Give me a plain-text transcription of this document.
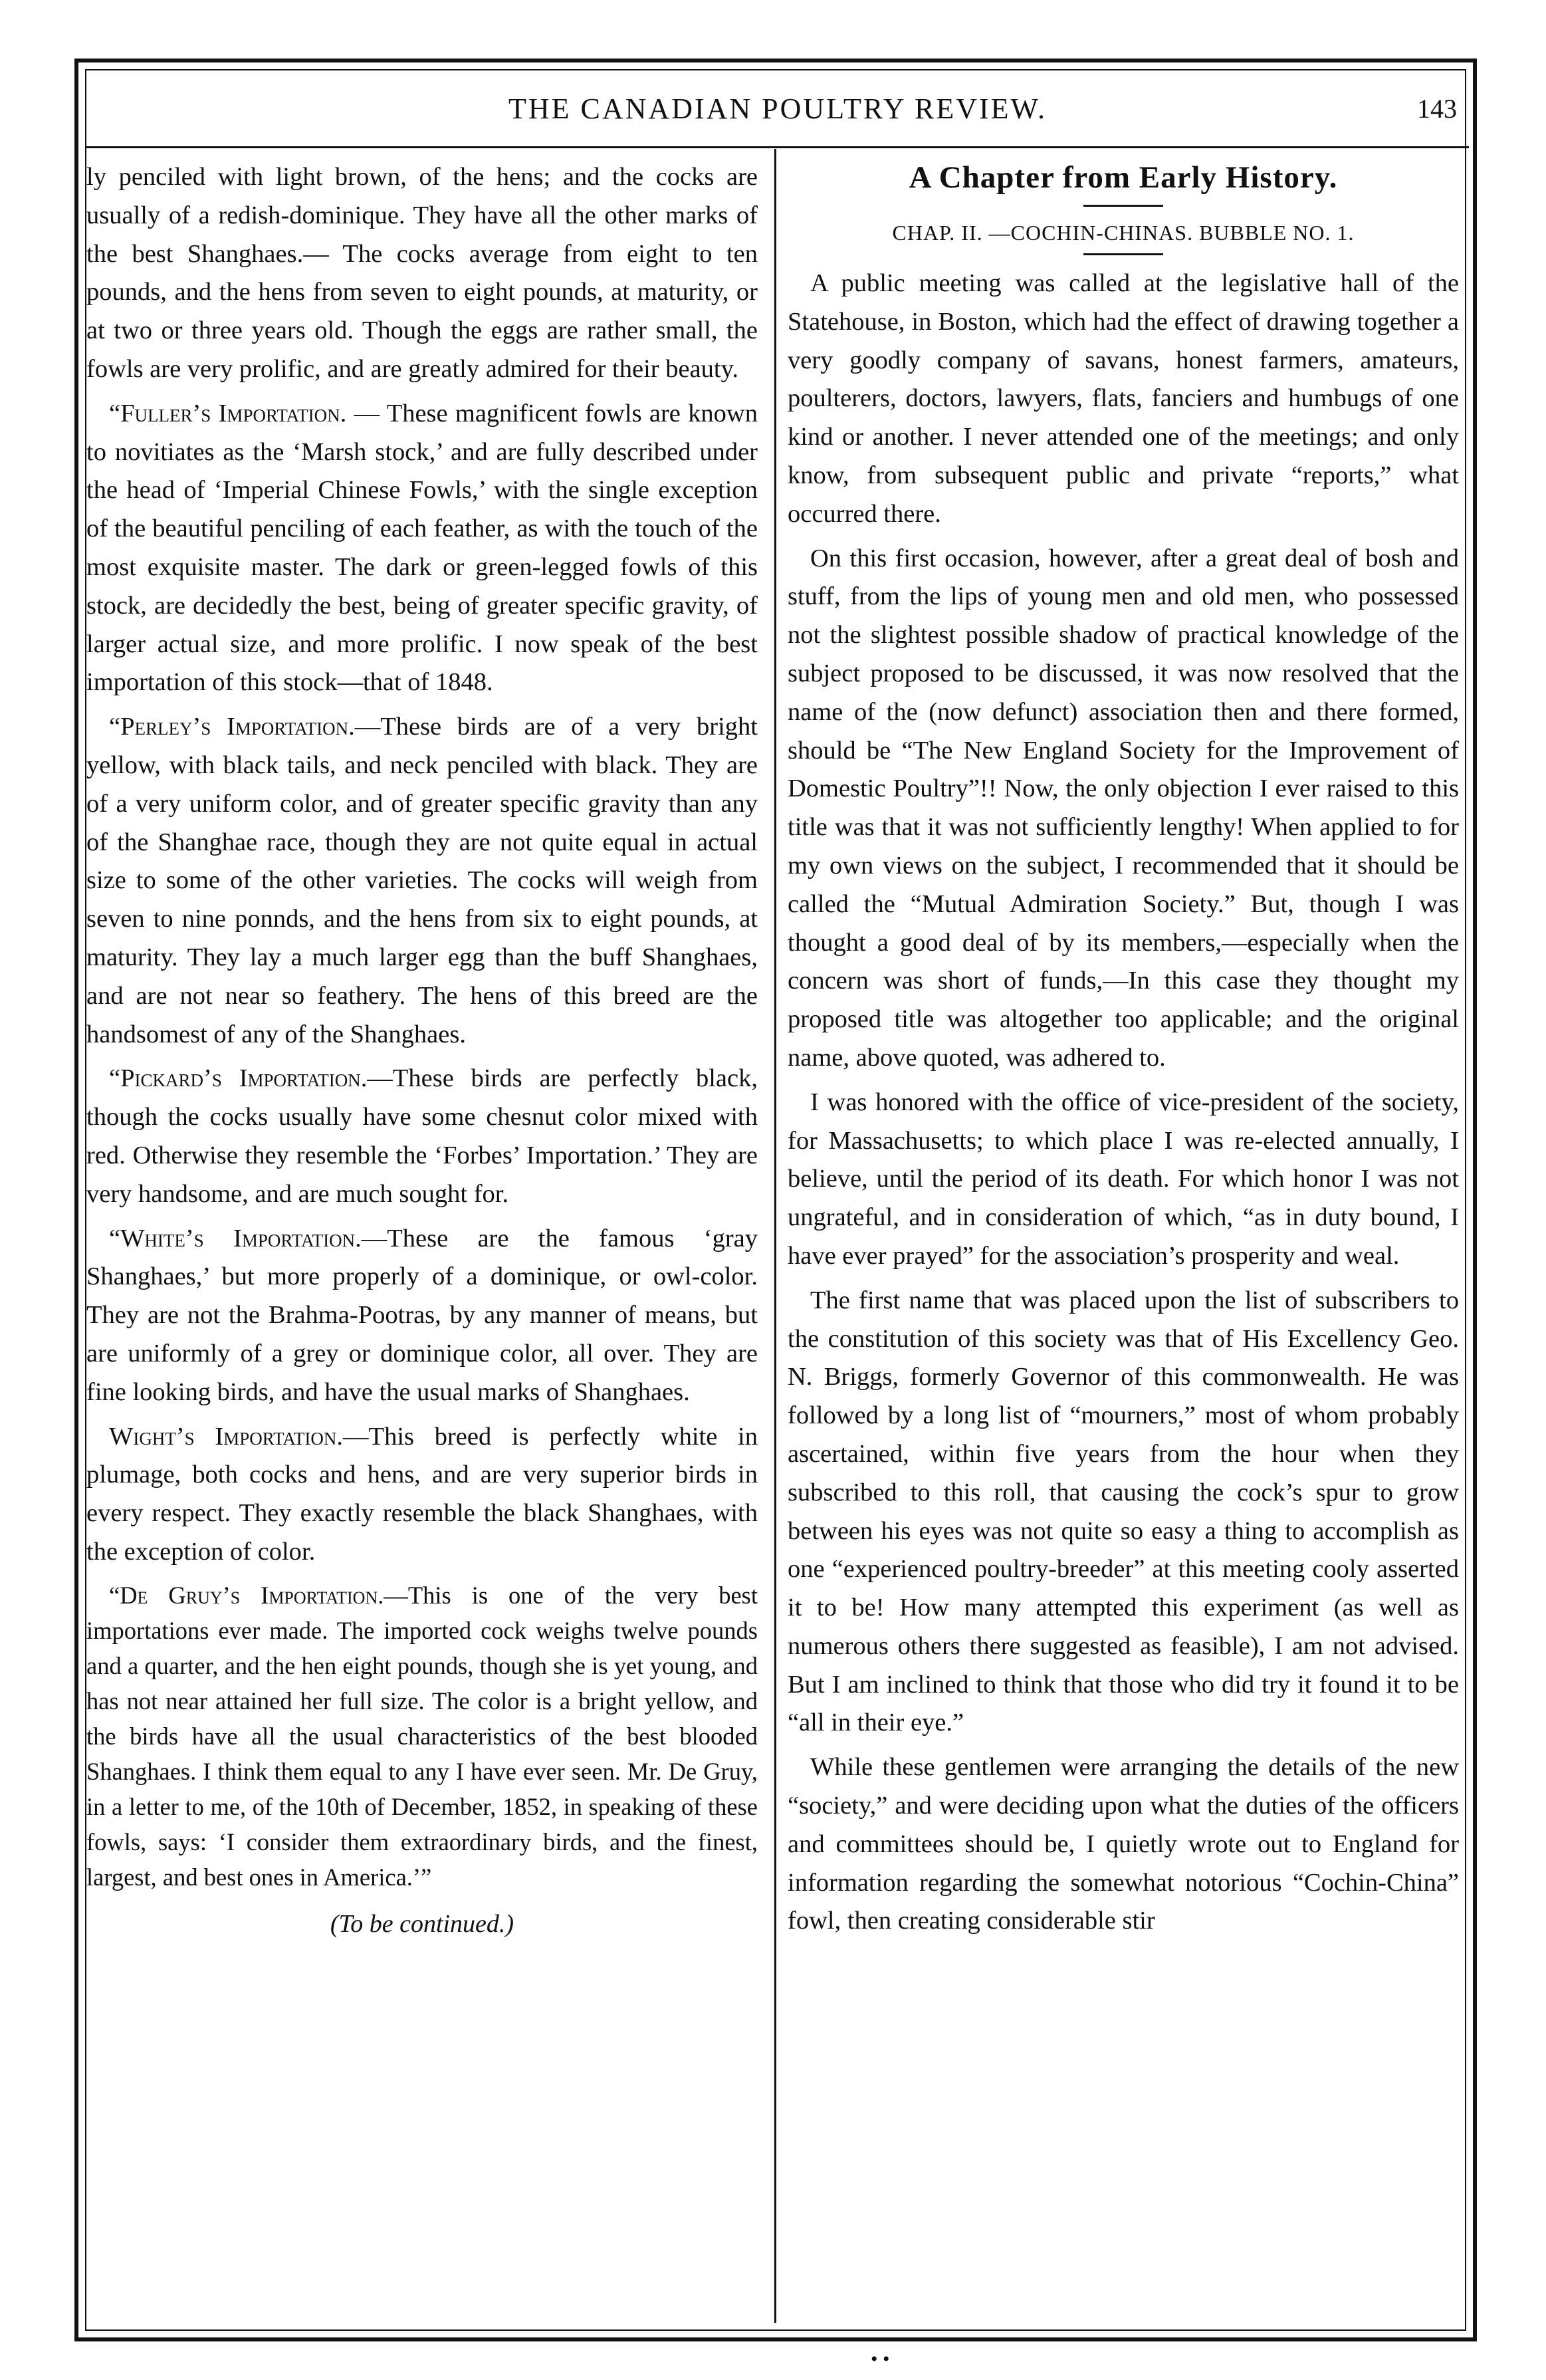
THE CANADIAN POULTRY REVIEW.	143

ly penciled with light brown, of the hens; and the cocks are usually of a redish-dominique. They have all the other marks of the best Shanghaes.— The cocks average from eight to ten pounds, and the hens from seven to eight pounds, at maturity, or at two or three years old. Though the eggs are rather small, the fowls are very prolific, and are greatly admired for their beauty.

“Fuller’s Importation. — These magnificent fowls are known to novitiates as the ‘Marsh stock,’ and are fully described under the head of ‘Imperial Chinese Fowls,’ with the single exception of the beautiful penciling of each feather, as with the touch of the most exquisite master. The dark or green-legged fowls of this stock, are decidedly the best, being of greater specific gravity, of larger actual size, and more prolific. I now speak of the best importation of this stock—that of 1848.

“Perley’s Importation.—These birds are of a very bright yellow, with black tails, and neck penciled with black. They are of a very uniform color, and of greater specific gravity than any of the Shanghae race, though they are not quite equal in actual size to some of the other varieties. The cocks will weigh from seven to nine ponnds, and the hens from six to eight pounds, at maturity. They lay a much larger egg than the buff Shanghaes, and are not near so feathery. The hens of this breed are the handsomest of any of the Shanghaes.

“Pickard’s Importation.—These birds are perfectly black, though the cocks usually have some chesnut color mixed with red. Otherwise they resemble the ‘Forbes’ Importation.’ They are very handsome, and are much sought for.

“White’s Importation.—These are the famous ‘gray Shanghaes,’ but more properly of a dominique, or owl-color. They are not the Brahma-Pootras, by any manner of means, but are uniformly of a grey or dominique color, all over. They are fine looking birds, and have the usual marks of Shanghaes.

Wight’s Importation.—This breed is perfectly white in plumage, both cocks and hens, and are very superior birds in every respect. They exactly resemble the black Shanghaes, with the exception of color.

“De Gruy’s Importation.—This is one of the very best importations ever made. The imported cock weighs twelve pounds and a quarter, and the hen eight pounds, though she is yet young, and has not near attained her full size. The color is a bright yellow, and the birds have all the usual characteristics of the best blooded Shanghaes. I think them equal to any I have ever seen. Mr. De Gruy, in a letter to me, of the 10th of December, 1852, in speaking of these fowls, says: ‘I consider them extraordinary birds, and the finest, largest, and best ones in America.’”

(To be continued.)

A Chapter from Early History.
CHAP. II. —COCHIN-CHINAS. BUBBLE NO. 1.

A public meeting was called at the legislative hall of the Statehouse, in Boston, which had the effect of drawing together a very goodly company of savans, honest farmers, amateurs, poulterers, doctors, lawyers, flats, fanciers and humbugs of one kind or another. I never attended one of the meetings; and only know, from subsequent public and private “reports,” what occurred there.

On this first occasion, however, after a great deal of bosh and stuff, from the lips of young men and old men, who possessed not the slightest possible shadow of practical knowledge of the subject proposed to be discussed, it was now resolved that the name of the (now defunct) association then and there formed, should be “The New England Society for the Improvement of Domestic Poultry”!! Now, the only objection I ever raised to this title was that it was not sufficiently lengthy! When applied to for my own views on the subject, I recommended that it should be called the “Mutual Admiration Society.” But, though I was thought a good deal of by its members,—especially when the concern was short of funds,—In this case they thought my proposed title was altogether too applicable; and the original name, above quoted, was adhered to.

I was honored with the office of vice-president of the society, for Massachusetts; to which place I was re-elected annually, I believe, until the period of its death. For which honor I was not ungrateful, and in consideration of which, “as in duty bound, I have ever prayed” for the association’s prosperity and weal.

The first name that was placed upon the list of subscribers to the constitution of this society was that of His Excellency Geo. N. Briggs, formerly Governor of this commonwealth. He was followed by a long list of “mourners,” most of whom probably ascertained, within five years from the hour when they subscribed to this roll, that causing the cock’s spur to grow between his eyes was not quite so easy a thing to accomplish as one “experienced poultry-breeder” at this meeting cooly asserted it to be! How many attempted this experiment (as well as numerous others there suggested as feasible), I am not advised. But I am inclined to think that those who did try it found it to be “all in their eye.”

While these gentlemen were arranging the details of the new “society,” and were deciding upon what the duties of the officers and committees should be, I quietly wrote out to England for information regarding the somewhat notorious “Cochin-China” fowl, then creating considerable stir

• •
